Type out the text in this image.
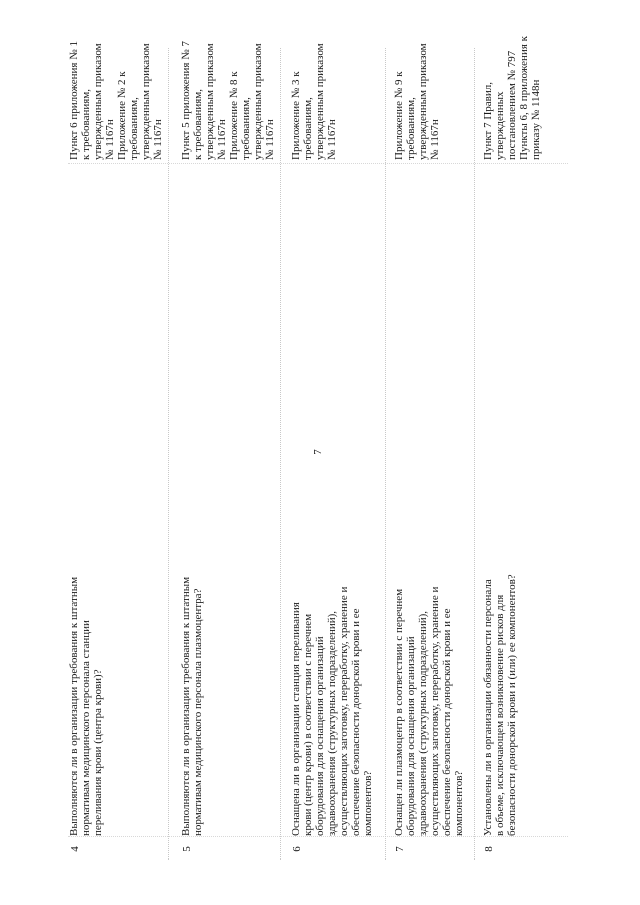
7
4
Выполняются ли в организации требования к штатным нормативам медицинского персонала станции переливания крови (центра крови)?
Пункт 6 приложения № 1 к требованиям, утвержденным приказом № 1167н Приложение № 2 к требованиям, утвержденным приказом № 1167н
5
Выполняются ли в организации требования к штатным нормативам медицинского персонала плазмоцентра?
Пункт 5 приложения № 7 к требованиям, утвержденным приказом № 1167н Приложение № 8 к требованиям, утвержденным приказом № 1167н
6
Оснащена ли в организации станция переливания крови (центр крови) в соответствии с перечнем оборудования для оснащения организаций здравоохранения (структурных подразделений), осуществляющих заготовку, переработку, хранение и обеспечение безопасности донорской крови и ее компонентов?
Приложение № 3 к требованиям, утвержденным приказом № 1167н
7
Оснащен ли плазмоцентр в соответствии с перечнем оборудования для оснащения организаций здравоохранения (структурных подразделений), осуществляющих заготовку, переработку, хранение и обеспечение безопасности донорской крови и ее компонентов?
Приложение № 9 к требованиям, утвержденным приказом № 1167н
8
Установлены ли в организации обязанности персонала в объеме, исключающем возникновение рисков для безопасности донорской крови и (или) ее компонентов?
Пункт 7 Правил, утвержденных постановлением № 797 Пункты 6, 8 приложения к приказу № 1148н
